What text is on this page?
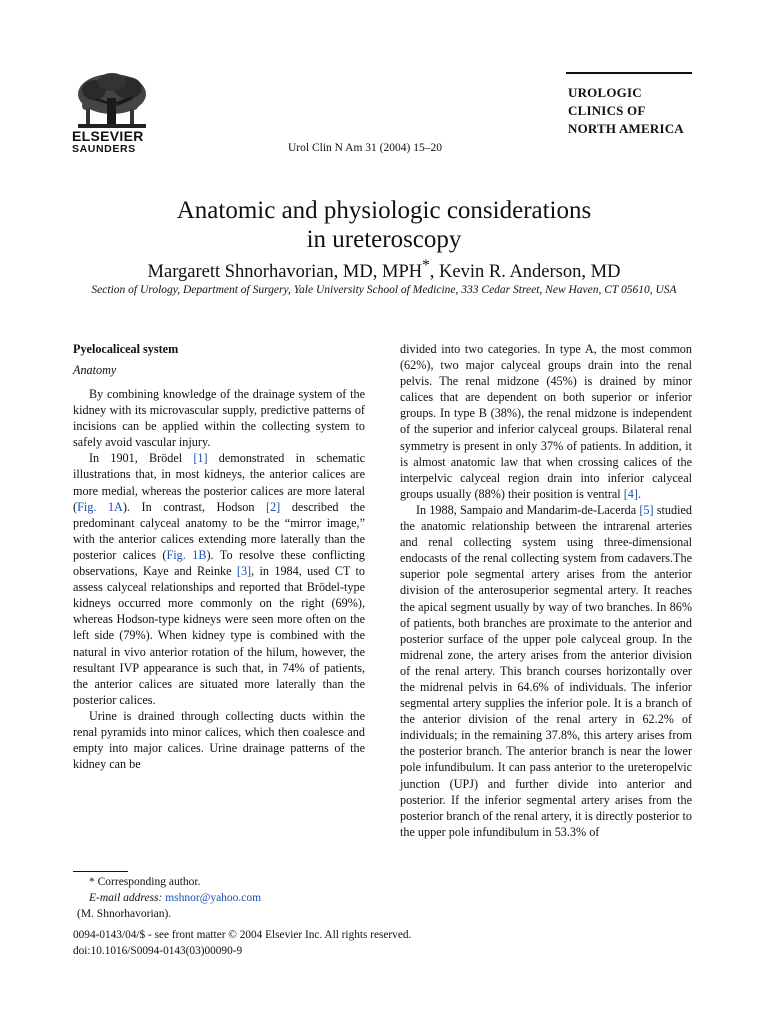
ELSEVIER
SAUNDERS	Urol Clin N Am 31 (2004) 15–20
UROLOGIC
CLINICS OF
NORTH AMERICA
Anatomic and physiologic considerations
in ureteroscopy
Margarett Shnorhavorian, MD, MPH*, Kevin R. Anderson, MD
Section of Urology, Department of Surgery, Yale University School of Medicine, 333 Cedar Street, New Haven, CT 05610, USA
Pyelocaliceal system
Anatomy

By combining knowledge of the drainage system of the kidney with its microvascular supply, predictive patterns of incisions can be applied within the collecting system to safely avoid vascular injury.

In 1901, Brödel [1] demonstrated in schematic illustrations that, in most kidneys, the anterior calices are more medial, whereas the posterior calices are more lateral (Fig. 1A). In contrast, Hodson [2] described the predominant calyceal anatomy to be the “mirror image,” with the anterior calices extending more laterally than the posterior calices (Fig. 1B). To resolve these conflicting observations, Kaye and Reinke [3], in 1984, used CT to assess calyceal relationships and reported that Brödel-type kidneys occurred more commonly on the right (69%), whereas Hodson-type kidneys were seen more often on the left side (79%). When kidney type is combined with the natural in vivo anterior rotation of the hilum, however, the resultant IVP appearance is such that, in 74% of patients, the anterior calices are situated more laterally than the posterior calices.

Urine is drained through collecting ducts within the renal pyramids into minor calices, which then coalesce and empty into major calices. Urine drainage patterns of the kidney can be

* Corresponding author.
E-mail address: mshnor@yahoo.com
(M. Shnorhavorian).

divided into two categories. In type A, the most common (62%), two major calyceal groups drain into the renal pelvis. The renal midzone (45%) is drained by minor calices that are dependent on both superior or inferior groups. In type B (38%), the renal midzone is independent of the superior and inferior calyceal groups. Bilateral renal symmetry is present in only 37% of patients. In addition, it is almost anatomic law that when crossing calices of the interpelvic calyceal region drain into inferior calyceal groups usually (88%) their position is ventral [4].

In 1988, Sampaio and Mandarim-de-Lacerda [5] studied the anatomic relationship between the intrarenal arteries and renal collecting system using three-dimensional endocasts of the renal collecting system from cadavers.The superior pole segmental artery arises from the anterior division of the anterosuperior segmental artery. It reaches the apical segment usually by way of two branches. In 86% of patients, both branches are proximate to the anterior and posterior surface of the upper pole calyceal group. In the midrenal zone, the artery arises from the anterior division of the renal artery. This branch courses horizontally over the midrenal pelvis in 64.6% of individuals. The inferior segmental artery supplies the inferior pole. It is a branch of the anterior division of the renal artery in 62.2% of individuals; in the remaining 37.8%, this artery arises from the posterior branch. The anterior branch is near the lower pole infundibulum. It can pass anterior to the ureteropelvic junction (UPJ) and further divide into anterior and posterior. If the inferior segmental artery arises from the posterior branch of the renal artery, it is directly posterior to the upper pole infundibulum in 53.3% of

0094-0143/04/$ - see front matter © 2004 Elsevier Inc. All rights reserved.
doi:10.1016/S0094-0143(03)00090-9
